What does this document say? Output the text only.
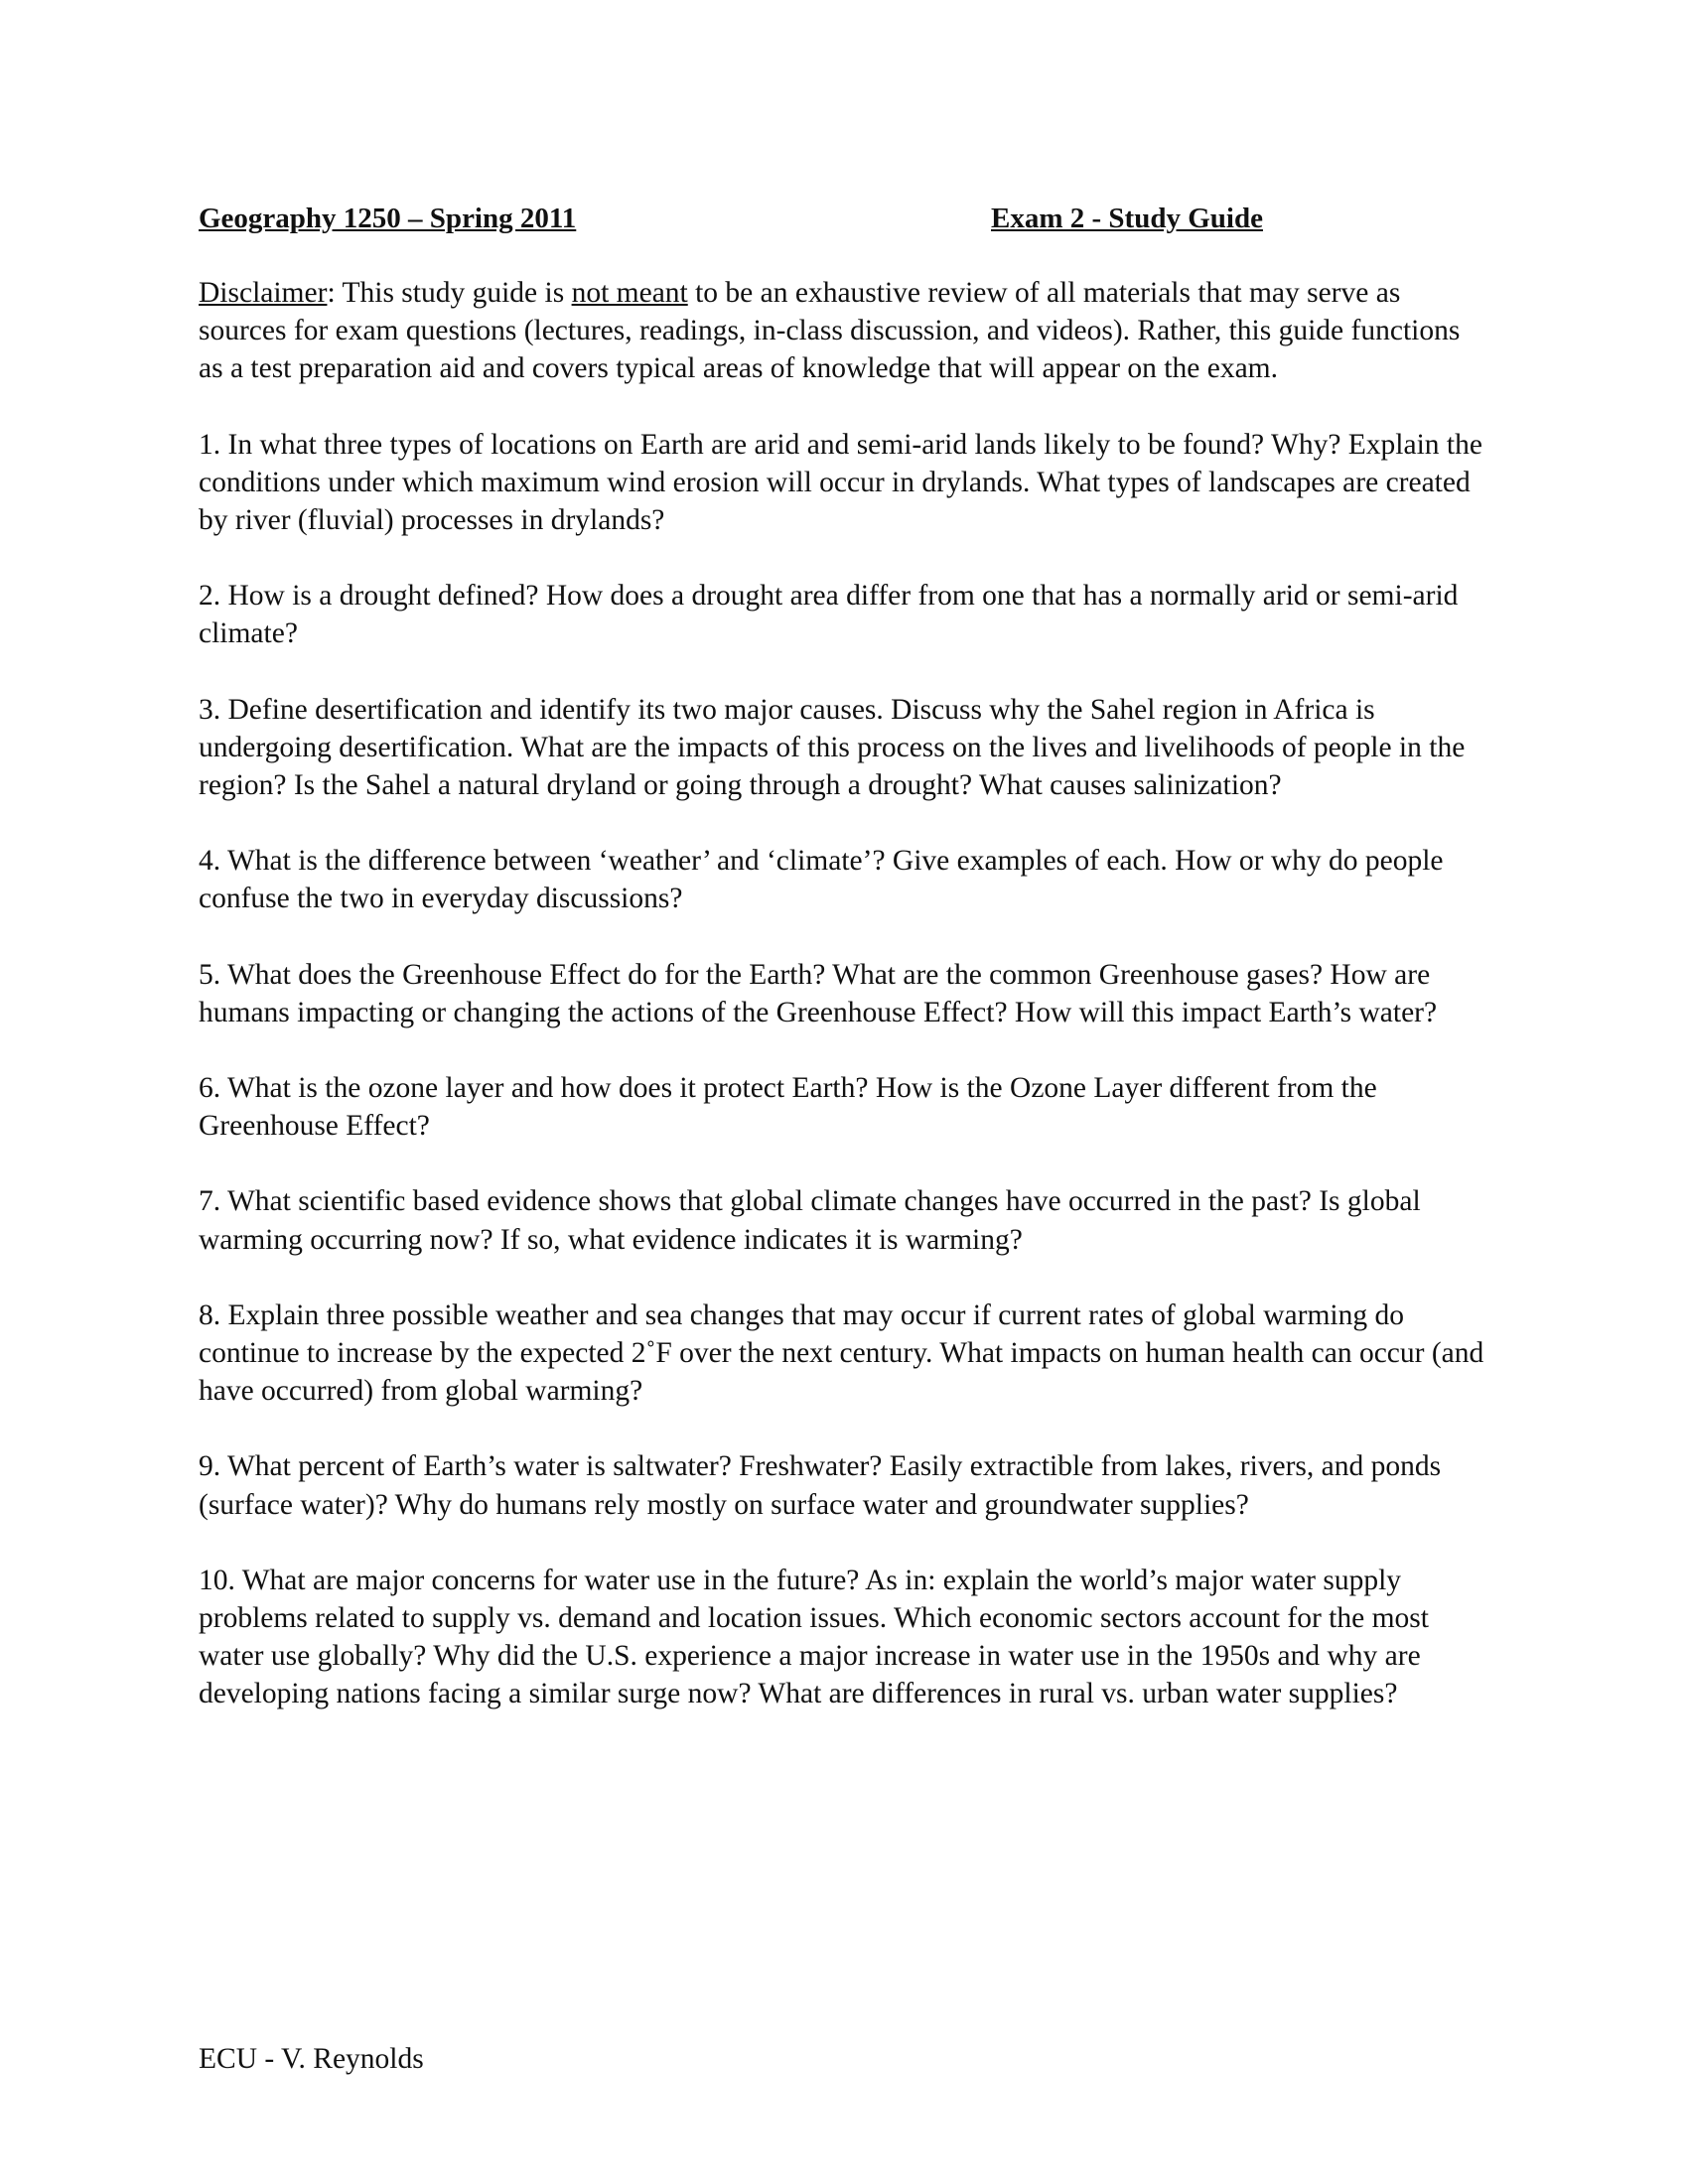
Geography 1250 – Spring 2011	Exam 2 - Study Guide

Disclaimer: This study guide is not meant to be an exhaustive review of all materials that may serve as sources for exam questions (lectures, readings, in-class discussion, and videos). Rather, this guide functions as a test preparation aid and covers typical areas of knowledge that will appear on the exam.

1. In what three types of locations on Earth are arid and semi-arid lands likely to be found? Why? Explain the conditions under which maximum wind erosion will occur in drylands. What types of landscapes are created by river (fluvial) processes in drylands?

2. How is a drought defined? How does a drought area differ from one that has a normally arid or semi-arid climate?

3. Define desertification and identify its two major causes. Discuss why the Sahel region in Africa is undergoing desertification. What are the impacts of this process on the lives and livelihoods of people in the region? Is the Sahel a natural dryland or going through a drought? What causes salinization?

4. What is the difference between ‘weather’ and ‘climate’? Give examples of each. How or why do people confuse the two in everyday discussions?

5. What does the Greenhouse Effect do for the Earth? What are the common Greenhouse gases? How are humans impacting or changing the actions of the Greenhouse Effect? How will this impact Earth’s water?

6. What is the ozone layer and how does it protect Earth? How is the Ozone Layer different from the Greenhouse Effect?

7. What scientific based evidence shows that global climate changes have occurred in the past? Is global warming occurring now? If so, what evidence indicates it is warming?

8. Explain three possible weather and sea changes that may occur if current rates of global warming do continue to increase by the expected 2˚F over the next century. What impacts on human health can occur (and have occurred) from global warming?

9. What percent of Earth’s water is saltwater? Freshwater? Easily extractible from lakes, rivers, and ponds (surface water)? Why do humans rely mostly on surface water and groundwater supplies?

10. What are major concerns for water use in the future? As in: explain the world’s major water supply problems related to supply vs. demand and location issues. Which economic sectors account for the most water use globally? Why did the U.S. experience a major increase in water use in the 1950s and why are developing nations facing a similar surge now? What are differences in rural vs. urban water supplies?

ECU - V. Reynolds
